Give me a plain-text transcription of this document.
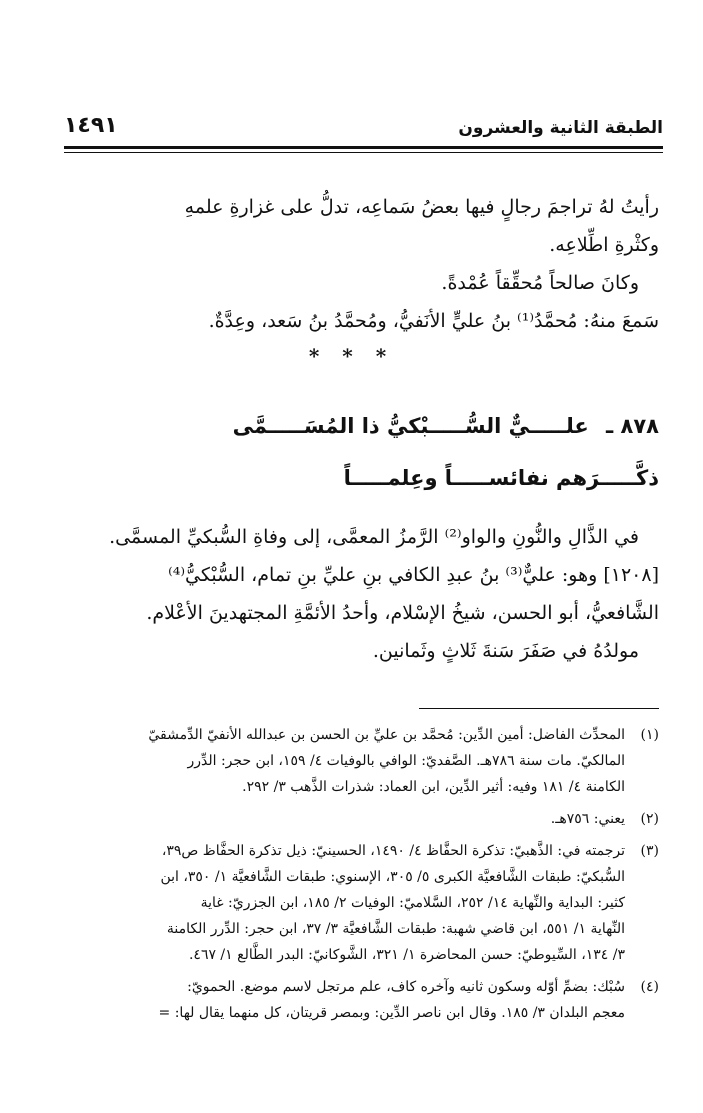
الطبقة الثانية والعشرون
١٤٩١
رأيتُ لهُ تراجمَ رجالٍ فيها بعضُ سَماعِه، تدلُّ على غزارةِ علمهِ
وكثْرةِ اطِّلاعِه.
وكانَ صالحاً مُحقِّقاً عُمْدةً.
سَمعَ منهُ: مُحمَّدُ⁽¹⁾ بنُ عليٍّ الأنَفيُّ، ومُحمَّدُ بنُ سَعد، وعِدَّةٌ.
* * *
٨٧٨ ـ علـــــيٌّ السُّـــــبْكيُّ ذا المُسَـــــمَّى
ذكَّـــــرَهم نفائســـــاً وعِلمـــــاً
في الذَّالِ والنُّونِ والواو⁽²⁾ الرَّمزُ المعمَّى، إلى وفاةِ السُّبكيِّ المسمَّى.
[١٢٠٨] وهو: عليٌّ⁽³⁾ بنُ عبدِ الكافي بنِ عليِّ بنِ تمام، السُّبْكيُّ⁽⁴⁾
الشَّافعيُّ، أبو الحسن، شيخُ الإسْلام، وأحدُ الأئمَّةِ المجتهدينَ الأعْلام.
مولدُهُ في صَفَرَ سَنةَ ثَلاثٍ وثَمانين.
(١)
المحدِّث الفاضل: أمين الدِّين: مُحمَّد بن عليِّ بن الحسن بن عبدالله الأنفيّ الدِّمشقيّ
المالكيّ. مات سنة ٧٨٦هـ. الصَّفديّ: الوافي بالوفيات ٤/ ١٥٩، ابن حجر: الدِّرر
الكامنة ٤/ ١٨١ وفيه: أثير الدِّين، ابن العماد: شذرات الذَّهب ٣/ ٢٩٢.
(٢)
يعني: ٧٥٦هـ.
(٣)
ترجمته في: الذَّهبيّ: تذكرة الحفَّاظ ٤/ ١٤٩٠، الحسينيّ: ذيل تذكرة الحفَّاظ ص٣٩،
السُّبكيّ: طبقات الشَّافعيَّة الكبرى ٥/ ٣٠٥، الإسنوي: طبقات الشَّافعيَّة ١/ ٣٥٠، ابن
كثير: البداية والنِّهاية ١٤/ ٢٥٢، السَّلاميّ: الوفيات ٢/ ١٨٥، ابن الجزريّ: غاية
النِّهاية ١/ ٥٥١، ابن قاضي شهبة: طبقات الشَّافعيَّة ٣/ ٣٧، ابن حجر: الدِّرر الكامنة
٣/ ١٣٤، السِّيوطيّ: حسن المحاضرة ١/ ٣٢١، الشَّوكانيّ: البدر الطَّالع ١/ ٤٦٧.
(٤)
سُبْك: بضمِّ أوّله وسكون ثانيه وآخره كاف، علم مرتجل لاسم موضع. الحمويّ:
معجم البلدان ٣/ ١٨٥. وقال ابن ناصر الدِّين: وبمصر قريتان، كل منهما يقال لها: =
